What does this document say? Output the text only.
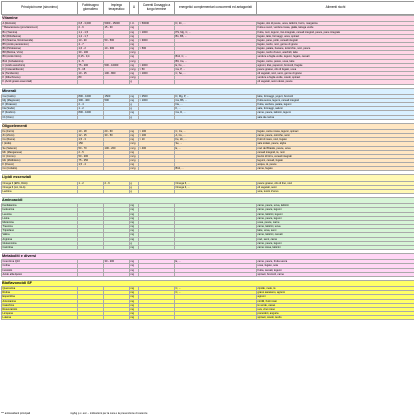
Principio/nome (sinonimo)	Fabbisogno giornaliero	Impiego terapeutico	U	Carenti Dosaggio a lungo termine	energetici complementari concorrenti ed antagonisti	Alimenti ricchi
Vitamine						
A (Retinolo)	0,8 - 3,000	5000 - 15000	I.U.	> 50000	D, Zn, ...	fegato, olio di pesce, uova, latticini, burro, margarina
* Betacarotene (provitamina A)	2 - 6	15 - 30	mg			frutta e succi, verdura rossa, gialla, lattuga verde
B1 (Tiamina)	1,1 - 1,5		mg	> 1000	PS, Mg, C, ...	frutta, noci, legumi, riso integrale, cereali integrali, pesce, pane integrale
B2 (Riboflavina)	1,2 - 1,7		mg		B1, B6, ...	fegato, latte, formaggi, uova, spinaci
B3 (Niacina, Nicotinamide)	13 - 20	50 - 500	mg	> 3000		fegato, pane, pollo, cereali integrali
B5 (Acido pantotenico)	4 - 7		mg			fegato, tuorlo, noci, germe di grano
B6 (Piridossina)	1,6 - 2	10 - 300	mg	> 500		fegato, patate, banane, lenticchie, noci, pesce
B8 (Biotina, Vit.H)	30 - 100		mcg			fegato, tuorlo d'uovo, arachidi, latte
B9 (Acido folico)	0,15 - 0,4		mg		B12, C, ...	verdure a foglia verde, legumi, fegato, cereali
B12 (Cobalamina)	3 - 5		mcg		B9, Ca, ...	fegato, carne, pesce, uova, latte
C (Acido ascorbico)	75 - 200	500 - 10000	mg	> 2000	E, Fe, ...	agrumi, kiwi, peperoni, broccoli, fragole
D (Colecalciferolo)	5 - 15		mcg	> 50	Ca, P, ...	pesce grasso, olio di fegato, uova
E (Tocoferolo)	10 - 15	100 - 800	mg	> 1000	C, Se, ...	oli vegetali, noci, semi, germe di grano
K (Fillochinone)	80		mcg			verdure a foglia verde, cavoli, spinaci
F (Acidi grassi essenziali)			g			oli vegetali, semi oleosi, pesce

Minerali						
Ca (Calcio)	800 - 1000	1500	mg	> 2500	D, Mg, P, ...	latte, formaggi, yogurt, broccoli
Mg (Magnesio)	300 - 400	500	mg	> 1000	Ca, B6, ...	frutta secca, legumi, cereali integrali
K (Potassio)	2 - 4		g		Na, ...	frutta, verdura, patate, legumi
Na (Sodio)	1 - 2		g		K, ...	sale, formaggi, salumi
P (Fosforo)	800 - 1000		mg		Ca, D, ...	carne, pesce, latticini, legumi
Cl (Cloro)			g			sale da cucina

Oligoelementi						
Fe (Ferro)	10 - 18	20 - 60	mg	> 100	C, Cu, ...	fegato, carne rossa, legumi, spinaci
Zn (Zinco)	12 - 15	30 - 50	mg	> 100	A, Cu, ...	carne, pesce, ostriche, semi
Cu (Rame)	1,5 - 3		mg	> 10	Fe, Zn, ...	frutti di mare, noci, fegato
I (Iodio)	150		mcg		Se, ...	sale iodato, pesce, alghe
Se (Selenio)	50 - 70	100 - 200	mcg	> 400	E, ...	noci del Brasile, pesce, uova
Mn (Manganese)	2 - 5		mg			cereali integrali, tè, noci
Cr (Cromo)	50 - 200		mcg			lievito di birra, cereali integrali
Mo (Molibdeno)	75 - 250		mcg			legumi, cereali, fegato
F (Fluoro)	1,5 - 4		mg			acqua, tè, pesce
Co (Cobalto)			mcg		B12, ...	carne, fegato

Lipidi essenziali						
Omega 3 (EPA, DHA)	1 - 2	2 - 6	g		Omega 6, ...	pesce grasso, olio di lino, noci
Omega 6 (LA, GLA)			g		Omega 3, ...	oli vegetali, semi
Lecitina			g			soia, tuorlo d'uovo

Aminoacidi						
Fenilalanina			mg			carne, pesce, uova, latticini
Isoleucina			mg			carne, pesce, legumi
Leucina			mg			carne, latticini, legumi
Lisina			mg			carne, pesce, legumi
Metionina			mg			uova, pesce, carne
Treonina			mg			carne, latticini, uova
Triptofano			mg			latte, uova, semi
Valina			mg			carne, latticini, cereali
Arginina			mg			noci, semi, carne
Glutammina			g			carne, pesce, legumi
Carnitina			mg			carne rossa, latticini

Metaboliti e diversi						
Coenzima Q10		30 - 200	mg		E, ...	carne, pesce, frutta secca
Colina			mg			uova, fegato, soia
Inositolo			mg			frutta, cereali, legumi
Acido alfa-lipoico			mg			spinaci, broccoli, carne

Bioflavonoidi SF						
Quercetina			mg		C, ...	cipolle, mele, tè
Rutina			mg		C, ...	grano saraceno, agrumi
Esperidina			mg			agrumi
Antocianine			mg			mirtilli, frutti rossi
Catechine			mg			tè verde, cacao
Resveratrolo			mg			uva, vino rosso
Licopene			mg			pomodori, anguria
Luteina			mg			spinaci, cavoli, tuorlo
*** antiossidanti principali	mg/kg p.c. ecc. - indicazioni per la cura e la prevenzione di carenze
